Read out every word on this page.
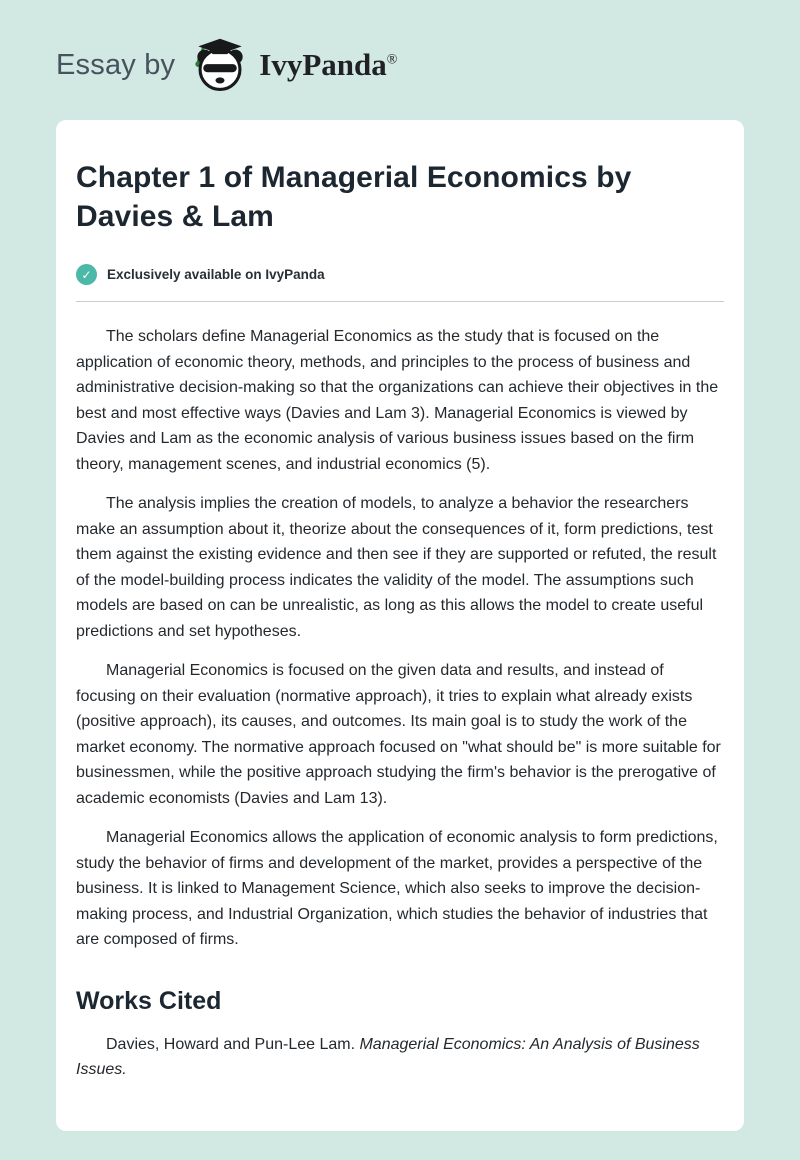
Essay by	IvyPanda®
Chapter 1 of Managerial Economics by Davies & Lam
✓	Exclusively available on IvyPanda

The scholars define Managerial Economics as the study that is focused on the application of economic theory, methods, and principles to the process of business and administrative decision-making so that the organizations can achieve their objectives in the best and most effective ways (Davies and Lam 3). Managerial Economics is viewed by Davies and Lam as the economic analysis of various business issues based on the firm theory, management scenes, and industrial economics (5).

The analysis implies the creation of models, to analyze a behavior the researchers make an assumption about it, theorize about the consequences of it, form predictions, test them against the existing evidence and then see if they are supported or refuted, the result of the model-building process indicates the validity of the model. The assumptions such models are based on can be unrealistic, as long as this allows the model to create useful predictions and set hypotheses.

Managerial Economics is focused on the given data and results, and instead of focusing on their evaluation (normative approach), it tries to explain what already exists (positive approach), its causes, and outcomes. Its main goal is to study the work of the market economy. The normative approach focused on "what should be" is more suitable for businessmen, while the positive approach studying the firm's behavior is the prerogative of academic economists (Davies and Lam 13).

Managerial Economics allows the application of economic analysis to form predictions, study the behavior of firms and development of the market, provides a perspective of the business. It is linked to Management Science, which also seeks to improve the decision-making process, and Industrial Organization, which studies the behavior of industries that are composed of firms.

Works Cited

Davies, Howard and Pun-Lee Lam. Managerial Economics: An Analysis of Business Issues.
